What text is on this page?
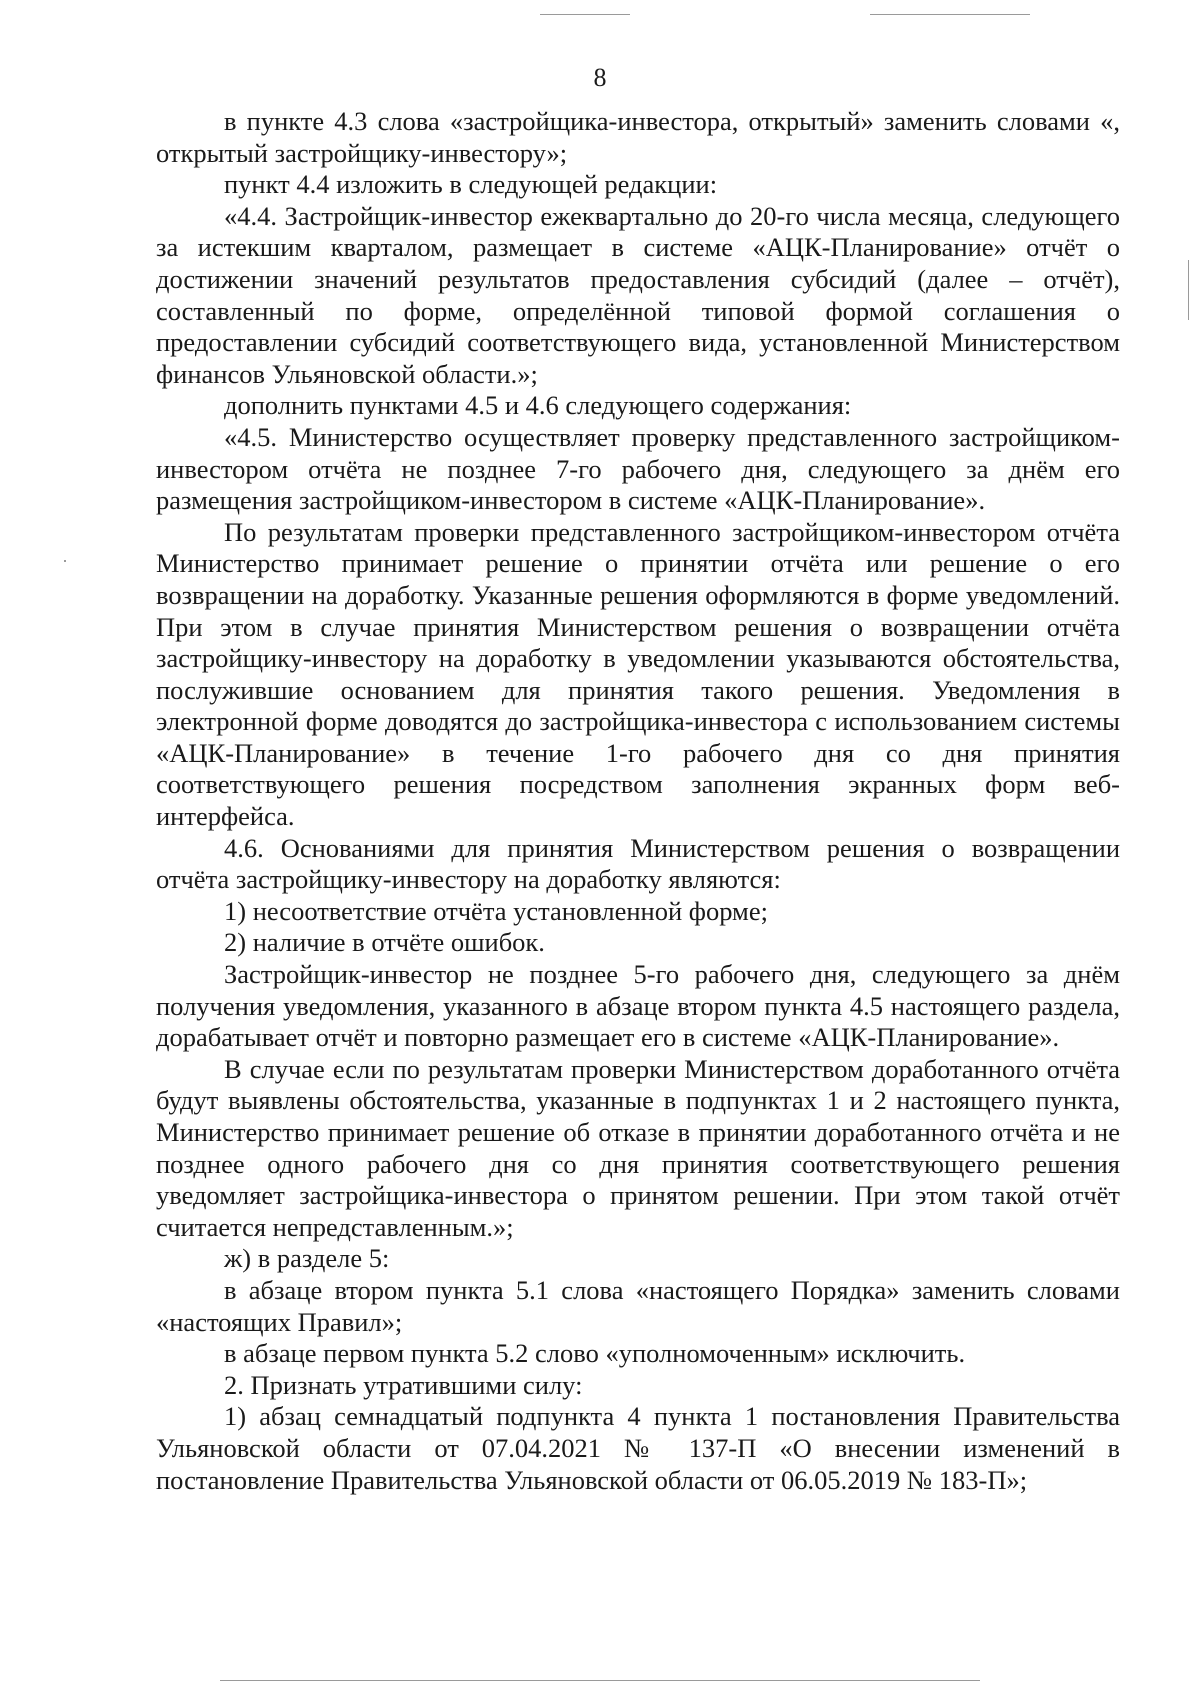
8

в пункте 4.3 слова «застройщика-инвестора, открытый» заменить словами «, открытый застройщику-инвестору»;

пункт 4.4 изложить в следующей редакции:

«4.4. Застройщик-инвестор ежеквартально до 20-го числа месяца, следующего за истекшим кварталом, размещает в системе «АЦК-Планирование» отчёт о достижении значений результатов предоставления субсидий (далее – отчёт), составленный по форме, определённой типовой формой соглашения о предоставлении субсидий соответствующего вида, установленной Министерством финансов Ульяновской области.»;

дополнить пунктами 4.5 и 4.6 следующего содержания:

«4.5. Министерство осуществляет проверку представленного застройщиком-инвестором отчёта не позднее 7-го рабочего дня, следующего за днём его размещения застройщиком-инвестором в системе «АЦК-Планирование».

По результатам проверки представленного застройщиком-инвестором отчёта Министерство принимает решение о принятии отчёта или решение о его возвращении на доработку. Указанные решения оформляются в форме уведомлений. При этом в случае принятия Министерством решения о возвращении отчёта застройщику-инвестору на доработку в уведомлении указываются обстоятельства, послужившие основанием для принятия такого решения. Уведомления в электронной форме доводятся до застройщика-инвестора с использованием системы «АЦК-Планирование» в течение 1-го рабочего дня со дня принятия соответствующего решения посредством заполнения экранных форм веб-интерфейса.

4.6. Основаниями для принятия Министерством решения о возвращении отчёта застройщику-инвестору на доработку являются:

1) несоответствие отчёта установленной форме;

2) наличие в отчёте ошибок.

Застройщик-инвестор не позднее 5-го рабочего дня, следующего за днём получения уведомления, указанного в абзаце втором пункта 4.5 настоящего раздела, дорабатывает отчёт и повторно размещает его в системе «АЦК-Планирование».

В случае если по результатам проверки Министерством доработанного отчёта будут выявлены обстоятельства, указанные в подпунктах 1 и 2 настоящего пункта, Министерство принимает решение об отказе в принятии доработанного отчёта и не позднее одного рабочего дня со дня принятия соответствующего решения уведомляет застройщика-инвестора о принятом решении. При этом такой отчёт считается непредставленным.»;

ж) в разделе 5:

в абзаце втором пункта 5.1 слова «настоящего Порядка» заменить словами «настоящих Правил»;

в абзаце первом пункта 5.2 слово «уполномоченным» исключить.

2. Признать утратившими силу:

1) абзац семнадцатый подпункта 4 пункта 1 постановления Правительства Ульяновской области от 07.04.2021 № 137-П «О внесении изменений в постановление Правительства Ульяновской области от 06.05.2019 № 183-П»;
